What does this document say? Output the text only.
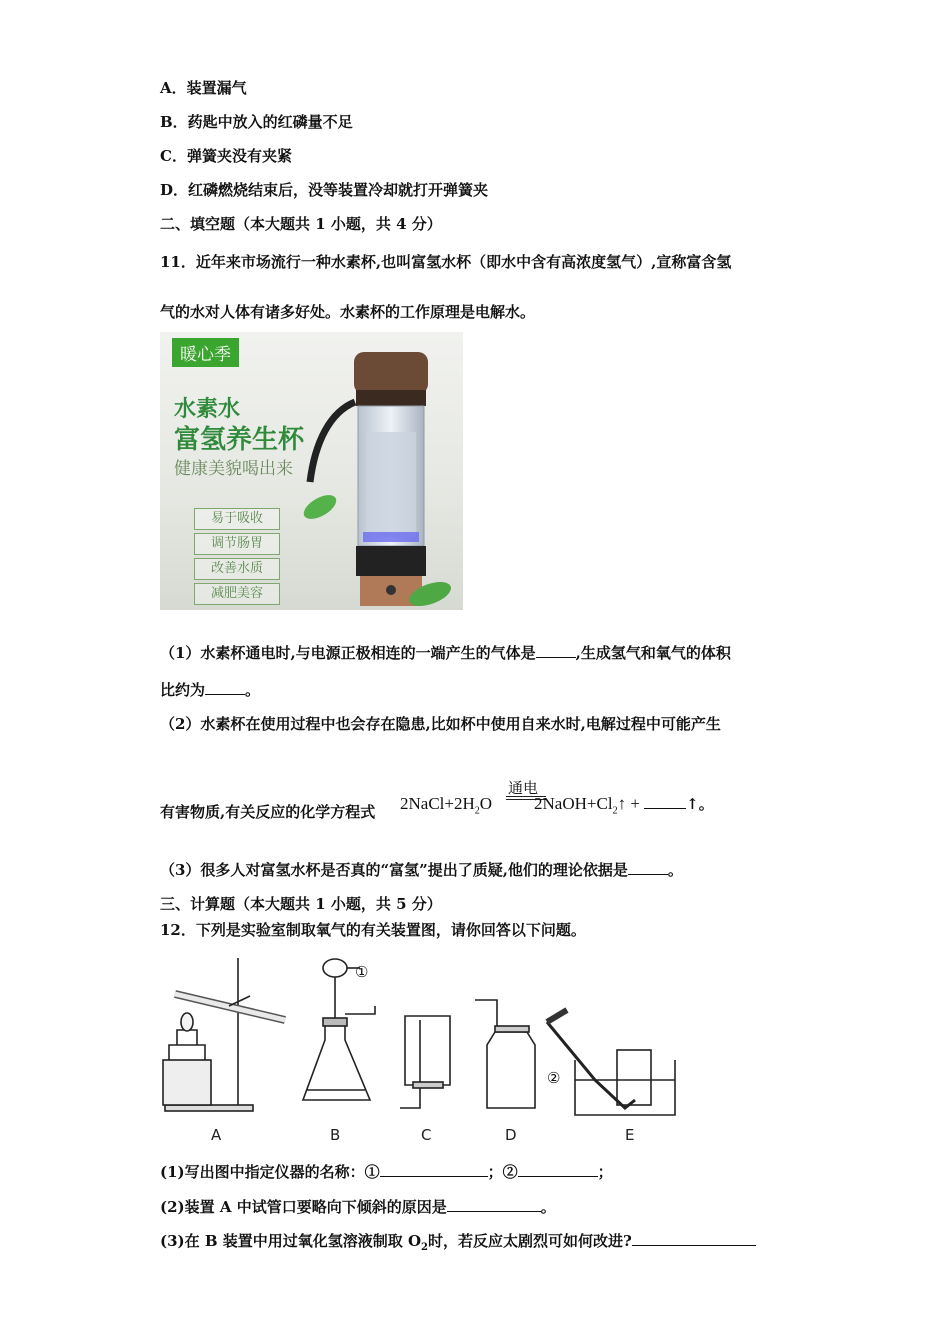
A．装置漏气
B．药匙中放入的红磷量不足
C．弹簧夹没有夹紧
D．红磷燃烧结束后，没等装置冷却就打开弹簧夹
二、填空题（本大题共 1 小题，共 4 分）
11．近年来市场流行一种水素杯,也叫富氢水杯（即水中含有高浓度氢气）,宣称富含氢
气的水对人体有诸多好处。水素杯的工作原理是电解水。
暖心季
水素水
富氢养生杯
健康美貌喝出来
易于吸收
调节肠胃
改善水质
减肥美容
（1）水素杯通电时,与电源正极相连的一端产生的气体是	,生成氢气和氧气的体积
比约为	。
（2）水素杯在使用过程中也会存在隐患,比如杯中使用自来水时,电解过程中可能产生
有害物质,有关反应的化学方程式
通电
$2NaCl+2H_2O$ $2NaOH+Cl_2↑$ +	↑。
（3）很多人对富氢水杯是否真的“富氢”提出了质疑,他们的理论依据是	。
三、计算题（本大题共 1 小题，共 5 分）
12．下列是实验室制取氧气的有关装置图，请你回答以下问题。
①
②
A	B	C	D	E
(1)写出图中指定仪器的名称：①	；②	；
(2)装置 A 中试管口要略向下倾斜的原因是	。
(3)在 B 装置中用过氧化氢溶液制取 $O_2$时，若反应太剧烈可如何改进?
